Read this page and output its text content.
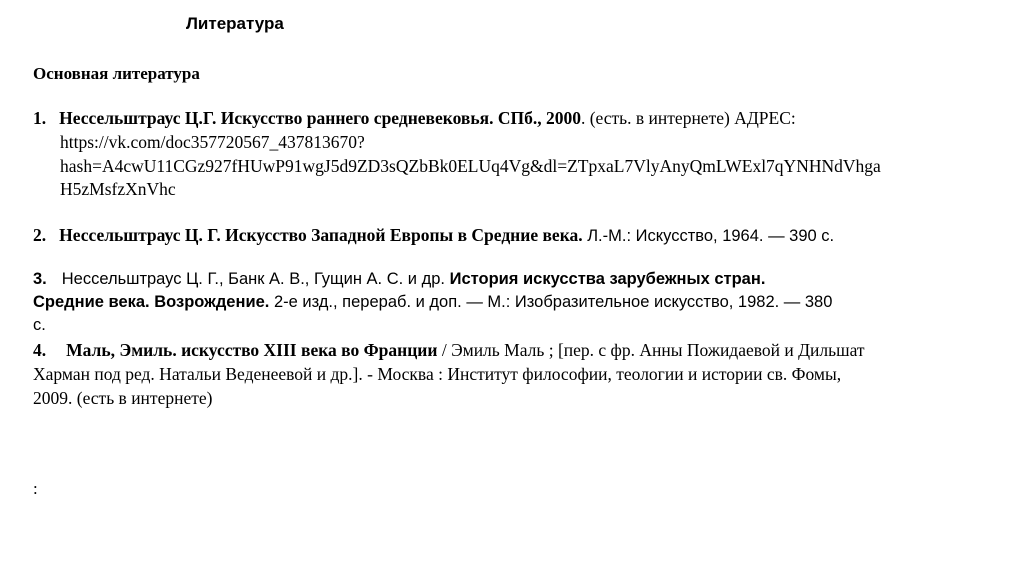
Литература
Основная литература
1. Нессельштраус Ц.Г. Искусство раннего средневековья. СПб., 2000. (есть. в интернете) АДРЕС:
https://vk.com/doc357720567_437813670?
hash=A4cwU11CGz927fHUwP91wgJ5d9ZD3sQZbBk0ELUq4Vg&dl=ZTpxaL7VlyAnyQmLWExl7qYNHNdVhga
H5zMsfzXnVhc
2. Нессельштраус Ц. Г. Искусство Западной Европы в Средние века. Л.-М.: Искусство, 1964. — 390 с.
3. Нессельштраус Ц. Г., Банк А. В., Гущин А. С. и др. История искусства зарубежных стран.
Средние века. Возрождение. 2-е изд., перераб. и доп. — М.: Изобразительное искусство, 1982. — 380
с.
4. Маль, Эмиль. искусство XIII века во Франции / Эмиль Маль ; [пер. с фр. Анны Пожидаевой и Дильшат
Харман под ред. Натальи Веденеевой и др.]. - Москва : Институт философии, теологии и истории св. Фомы,
2009. (есть в интернете)
:
